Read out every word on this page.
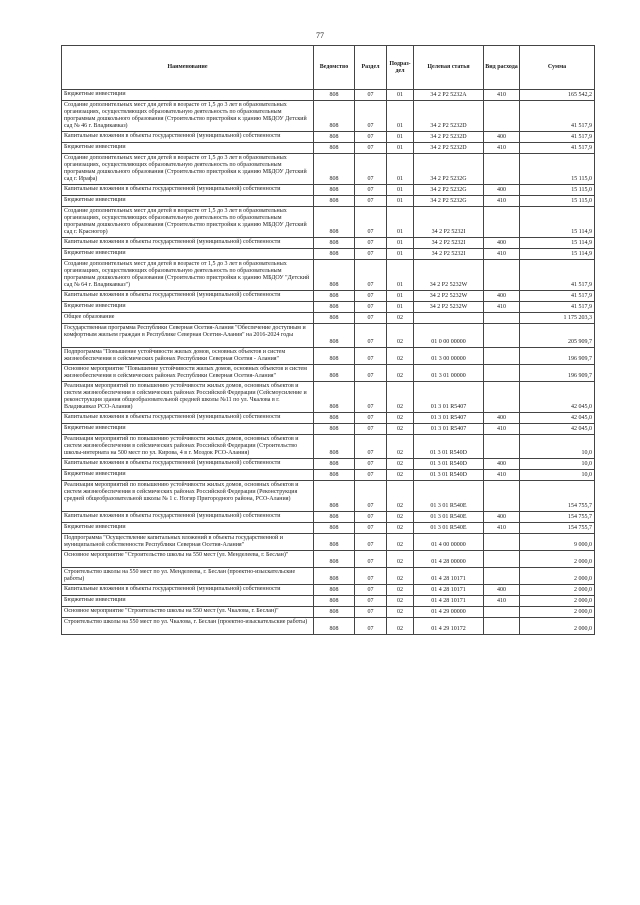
77
Наименование	Ведомство	Раздел	Подраз-дел	Целевая статья	Вид расхода	Сумма
Бюджетные инвестиции	808	07	01	34 2 P2 5232A	410	165 542,2
Создание дополнительных мест для детей в возрасте от 1,5 до 3 лет в образовательных организациях, осуществляющих образовательную деятельность по образовательным программам дошкольного образования (Строительство пристройки к зданию МБДОУ Детский сад № 46 г. Владикавказ)	808	07	01	34 2 P2 5232D		41 517,9
Капитальные вложения в объекты государственной (муниципальной) собственности	808	07	01	34 2 P2 5232D	400	41 517,9
Бюджетные инвестиции	808	07	01	34 2 P2 5232D	410	41 517,9
Создание дополнительных мест для детей в возрасте от 1,5 до 3 лет в образовательных организациях, осуществляющих образовательную деятельность по образовательным программам дошкольного образования (Строительство пристройки к зданию МБДОУ Детский сад г. Ирафа)	808	07	01	34 2 P2 5232G		15 115,0
Капитальные вложения в объекты государственной (муниципальной) собственности	808	07	01	34 2 P2 5232G	400	15 115,0
Бюджетные инвестиции	808	07	01	34 2 P2 5232G	410	15 115,0
Создание дополнительных мест для детей в возрасте от 1,5 до 3 лет в образовательных организациях, осуществляющих образовательную деятельность по образовательным программам дошкольного образования (Строительство пристройки к зданию МБДОУ Детский сад г. Красногор)	808	07	01	34 2 P2 5232I		15 114,9
Капитальные вложения в объекты государственной (муниципальной) собственности	808	07	01	34 2 P2 5232I	400	15 114,9
Бюджетные инвестиции	808	07	01	34 2 P2 5232I	410	15 114,9
Создание дополнительных мест для детей в возрасте от 1,5 до 3 лет в образовательных организациях, осуществляющих образовательную деятельность по образовательным программам дошкольного образования (Строительство пристройки к зданию МБДОУ "Детский сад № 64 г. Владикавказ")	808	07	01	34 2 P2 5232W		41 517,9
Капитальные вложения в объекты государственной (муниципальной) собственности	808	07	01	34 2 P2 5232W	400	41 517,9
Бюджетные инвестиции	808	07	01	34 2 P2 5232W	410	41 517,9
Общее образование	808	07	02			1 175 203,3
Государственная программа Республики Северная Осетия-Алания "Обеспечение доступным и комфортным жильем граждан в Республике Северная Осетия-Алания" на 2016-2024 годы	808	07	02	01 0 00 00000		205 909,7
Подпрограмма "Повышение устойчивости жилых домов, основных объектов и систем жизнеобеспечения в сейсмических районах Республики Северная Осетия - Алания"	808	07	02	01 3 00 00000		196 909,7
Основное мероприятие "Повышение устойчивости жилых домов, основных объектов и систем жизнеобеспечения в сейсмических районах Республики Северная Осетия-Алания"	808	07	02	01 3 01 00000		196 909,7
Реализация мероприятий по повышению устойчивости жилых домов, основных объектов и систем жизнеобеспечения в сейсмических районах Российской Федерации (Сейсмоусиление и реконструкция здания общеобразовательной средней школы №11 по ул. Чкалова в г. Владикавказ РСО-Алания)	808	07	02	01 3 01 R5407		42 045,0
Капитальные вложения в объекты государственной (муниципальной) собственности	808	07	02	01 3 01 R5407	400	42 045,0
Бюджетные инвестиции	808	07	02	01 3 01 R5407	410	42 045,0
Реализация мероприятий по повышению устойчивости жилых домов, основных объектов и систем жизнеобеспечения в сейсмических районах Российской Федерации (Строительство школы-интерната на 500 мест по ул. Кирова, 4 в г. Моздок РСО-Алания)	808	07	02	01 3 01 R540D		10,0
Капитальные вложения в объекты государственной (муниципальной) собственности	808	07	02	01 3 01 R540D	400	10,0
Бюджетные инвестиции	808	07	02	01 3 01 R540D	410	10,0
Реализация мероприятий по повышению устойчивости жилых домов, основных объектов и систем жизнеобеспечения в сейсмических районах Российской Федерации (Реконструкция средней общеобразовательной школы № 1 с. Ногир Пригородного района, РСО-Алания)	808	07	02	01 3 01 R540E		154 755,7
Капитальные вложения в объекты государственной (муниципальной) собственности	808	07	02	01 3 01 R540E	400	154 755,7
Бюджетные инвестиции	808	07	02	01 3 01 R540E	410	154 755,7
Подпрограмма "Осуществление капитальных вложений в объекты государственной и муниципальной собственности Республики Северная Осетия-Алания"	808	07	02	01 4 00 00000		9 000,0
Основное мероприятие "Строительство школы на 550 мест (ул. Менделеева, г. Беслан)"	808	07	02	01 4 28 00000		2 000,0
Строительство школы на 550 мест по ул. Менделеева, г. Беслан (проектно-изыскательские работы)	808	07	02	01 4 28 10171		2 000,0
Капитальные вложения в объекты государственной (муниципальной) собственности	808	07	02	01 4 28 10171	400	2 000,0
Бюджетные инвестиции	808	07	02	01 4 28 10171	410	2 000,0
Основное мероприятие "Строительство школы на 550 мест (ул. Чкалова, г. Беслан)"	808	07	02	01 4 29 00000		2 000,0
Строительство школы на 550 мест по ул. Чкалова, г. Беслан (проектно-изыскательские работы)	808	07	02	01 4 29 10172		2 000,0
